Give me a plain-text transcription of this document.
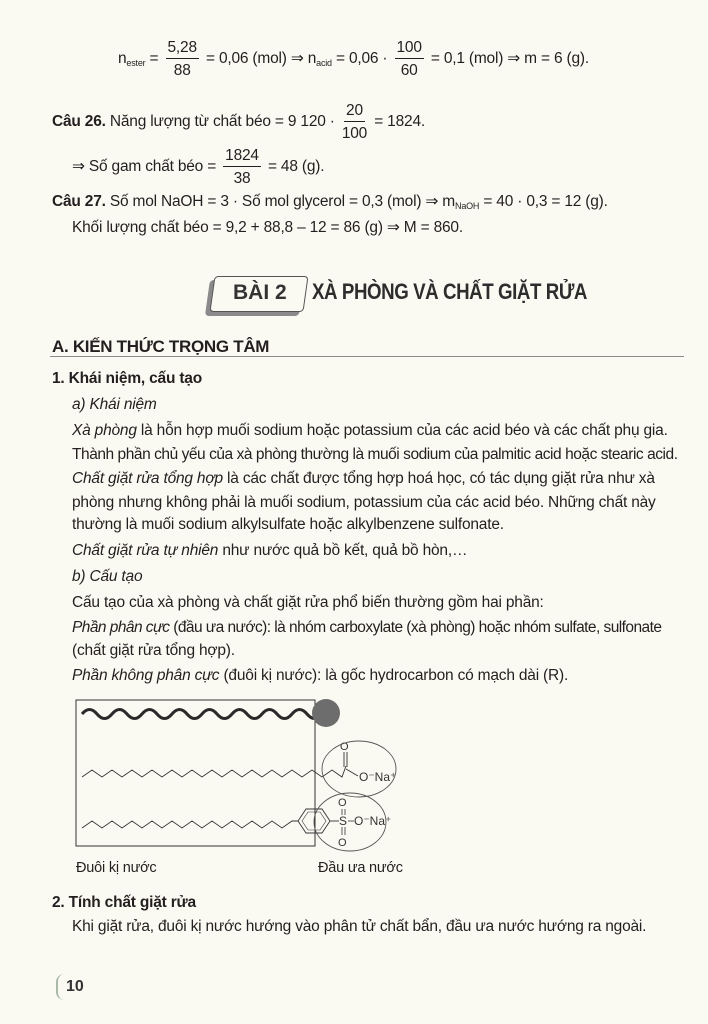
$n_{ester} = \frac{5,28}{88} = 0,06$ (mol) ⇒ $n_{acid} = 0,06 \cdot \frac{100}{60} = 0,1$ (mol) ⇒ m = 6 (g).
Câu 26. Năng lượng từ chất béo = 9 $120 \cdot \frac{20}{100} = 1824$.
⇒ Số gam chất béo = $\frac{1824}{38} = 48$ (g).
Câu 27. Số mol NaOH = 3 · Số mol glycerol = 0,3 (mol) ⇒ $m_{NaOH} = 40 \cdot 0,3 = 12$ (g).
Khối lượng chất béo = 9,2 + 88,8 – 12 = 86 (g) ⇒ M = 860.
BÀI 2 XÀ PHÒNG VÀ CHẤT GIẶT RỬA
A. KIẾN THỨC TRỌNG TÂM
1. Khái niệm, cấu tạo
a) Khái niệm
Xà phòng là hỗn hợp muối sodium hoặc potassium của các acid béo và các chất phụ gia.
Thành phần chủ yếu của xà phòng thường là muối sodium của palmitic acid hoặc stearic acid.
Chất giặt rửa tổng hợp là các chất được tổng hợp hoá học, có tác dụng giặt rửa như xà
phòng nhưng không phải là muối sodium, potassium của các acid béo. Những chất này
thường là muối sodium alkylsulfate hoặc alkylbenzene sulfonate.
Chất giặt rửa tự nhiên như nước quả bồ kết, quả bồ hòn,…
b) Cấu tạo
Cấu tạo của xà phòng và chất giặt rửa phổ biến thường gồm hai phần:
Phần phân cực (đầu ưa nước): là nhóm carboxylate (xà phòng) hoặc nhóm sulfate, sulfonate
(chất giặt rửa tổng hợp).
Phần không phân cực (đuôi kị nước): là gốc hydrocarbon có mạch dài (R).
O
O⁻Na⁺
S
O
O
O⁻Na⁺
Đuôi kị nước	Đầu ưa nước
2. Tính chất giặt rửa
Khi giặt rửa, đuôi kị nước hướng vào phân tử chất bẩn, đầu ưa nước hướng ra ngoài.
10
